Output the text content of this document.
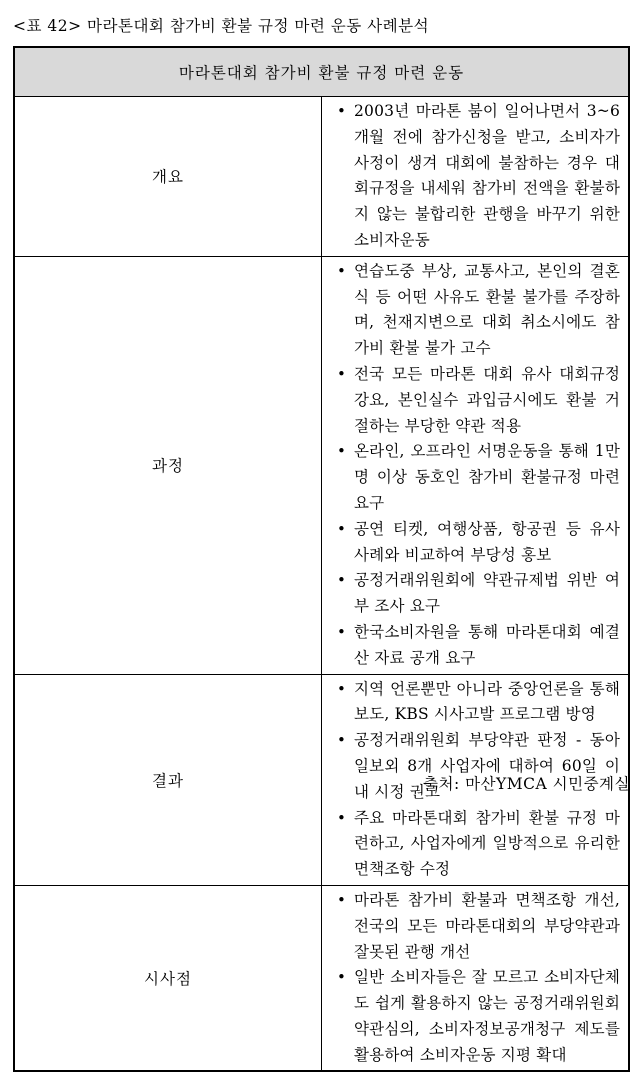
<표 42> 마라톤대회 참가비 환불 규정 마련 운동 사례분석
마라톤대회 참가비 환불 규정 마련 운동	
개요	
• 2003년 마라톤 붐이 일어나면서 3~6개월 전에 참가신청을 받고, 소비자가 사정이 생겨 대회에 불참하는 경우 대회규정을 내세워 참가비 전액을 환불하지 않는 불합리한 관행을 바꾸기 위한 소비자운동

과정	
• 연습도중 부상, 교통사고, 본인의 결혼식 등 어떤 사유도 환불 불가를 주장하며, 천재지변으로 대회 취소시에도 참가비 환불 불가 고수
• 전국 모든 마라톤 대회 유사 대회규정 강요, 본인실수 과입금시에도 환불 거절하는 부당한 약관 적용
• 온라인, 오프라인 서명운동을 통해 1만 명 이상 동호인 참가비 환불규정 마련 요구
• 공연 티켓, 여행상품, 항공권 등 유사 사례와 비교하여 부당성 홍보
• 공정거래위원회에 약관규제법 위반 여부 조사 요구
• 한국소비자원을 통해 마라톤대회 예결산 자료 공개 요구

결과	
• 지역 언론뿐만 아니라 중앙언론을 통해 보도, KBS 시사고발 프로그램 방영
• 공정거래위원회 부당약관 판정 - 동아일보외 8개 사업자에 대하여 60일 이내 시정 권고
• 주요 마라톤대회 참가비 환불 규정 마련하고, 사업자에게 일방적으로 유리한 면책조항 수정

시사점	
• 마라톤 참가비 환불과 면책조항 개선, 전국의 모든 마라톤대회의 부당약관과 잘못된 관행 개선
• 일반 소비자들은 잘 모르고 소비자단체도 쉽게 활용하지 않는 공정거래위원회 약관심의, 소비자정보공개청구 제도를 활용하여 소비자운동 지평 확대
출처: 마산YMCA 시민중계실
